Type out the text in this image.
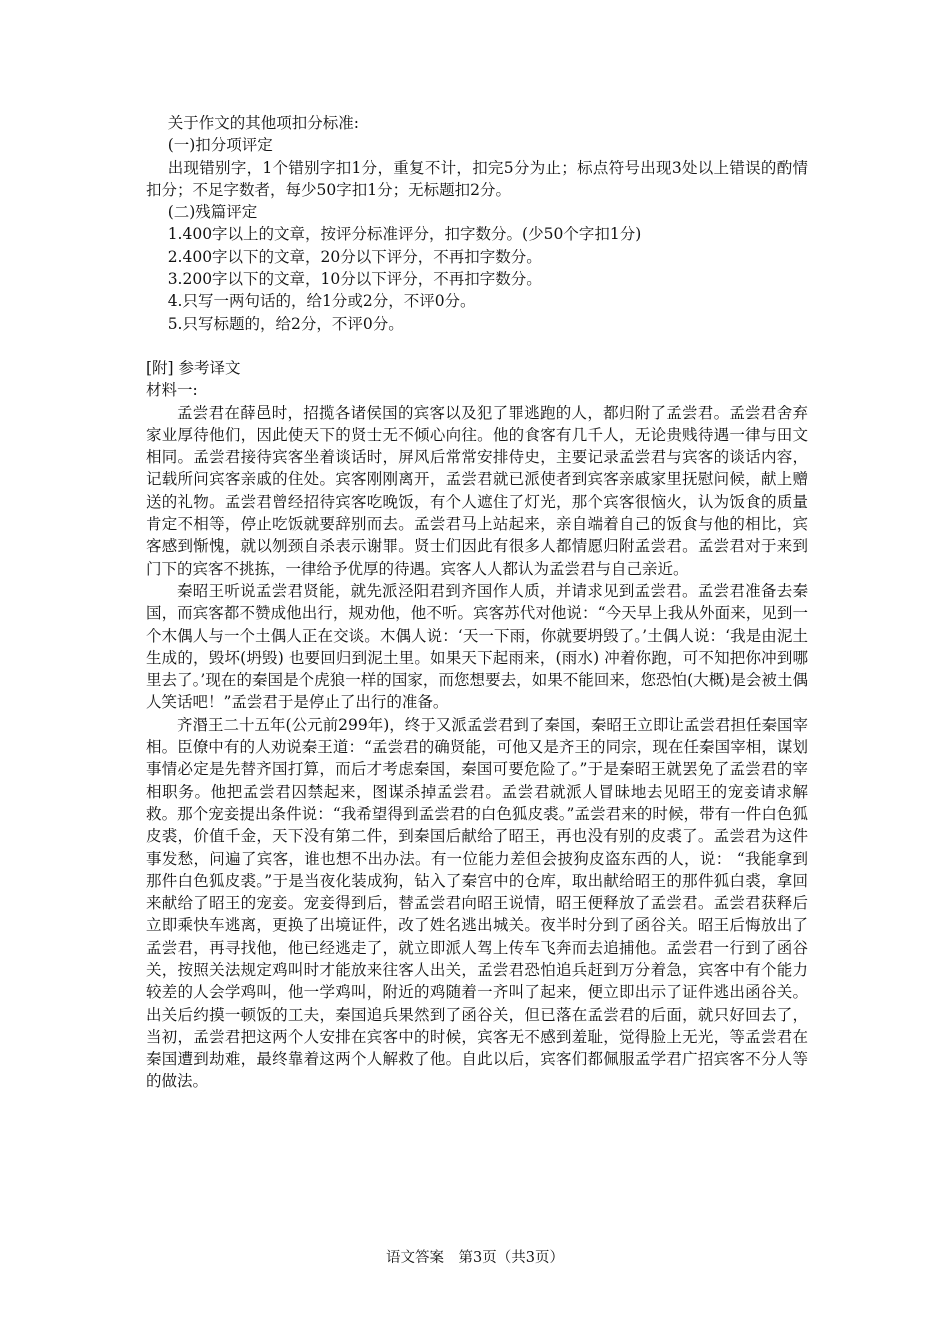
关于作文的其他项扣分标准:

(一)扣分项评定

出现错别字，1个错别字扣1分，重复不计，扣完5分为止；标点符号出现3处以上错误的酌情扣分；不足字数者，每少50字扣1分；无标题扣2分。

(二)残篇评定

1.400字以上的文章，按评分标准评分，扣字数分。(少50个字扣1分)

2.400字以下的文章，20分以下评分，不再扣字数分。

3.200字以下的文章，10分以下评分，不再扣字数分。

4.只写一两句话的，给1分或2分，不评0分。

5.只写标题的，给2分，不评0分。

[附] 参考译文

材料一:

孟尝君在薛邑时，招揽各诸侯国的宾客以及犯了罪逃跑的人，都归附了孟尝君。孟尝君舍弃家业厚待他们，因此使天下的贤士无不倾心向往。他的食客有几千人，无论贵贱待遇一律与田文相同。孟尝君接待宾客坐着谈话时，屏风后常常安排侍史，主要记录孟尝君与宾客的谈话内容，记载所问宾客亲戚的住处。宾客刚刚离开，孟尝君就已派使者到宾客亲戚家里抚慰问候，献上赠送的礼物。孟尝君曾经招待宾客吃晚饭，有个人遮住了灯光，那个宾客很恼火，认为饭食的质量肯定不相等，停止吃饭就要辞别而去。孟尝君马上站起来，亲自端着自己的饭食与他的相比，宾客感到惭愧，就以刎颈自杀表示谢罪。贤士们因此有很多人都情愿归附孟尝君。孟尝君对于来到门下的宾客不挑拣，一律给予优厚的待遇。宾客人人都认为孟尝君与自己亲近。

秦昭王听说孟尝君贤能，就先派泾阳君到齐国作人质，并请求见到孟尝君。孟尝君准备去秦国，而宾客都不赞成他出行，规劝他，他不听。宾客苏代对他说：“今天早上我从外面来，见到一个木偶人与一个土偶人正在交谈。木偶人说：‘天一下雨，你就要坍毁了。’土偶人说：‘我是由泥土生成的，毁坏(坍毁) 也要回归到泥土里。如果天下起雨来，(雨水) 冲着你跑，可不知把你冲到哪里去了。’现在的秦国是个虎狼一样的国家，而您想要去，如果不能回来，您恐怕(大概)是会被土偶人笑话吧！”孟尝君于是停止了出行的准备。

齐湣王二十五年(公元前299年)，终于又派孟尝君到了秦国，秦昭王立即让孟尝君担任秦国宰相。臣僚中有的人劝说秦王道：“孟尝君的确贤能，可他又是齐王的同宗，现在任秦国宰相，谋划事情必定是先替齐国打算，而后才考虑秦国，秦国可要危险了。”于是秦昭王就罢免了孟尝君的宰相职务。他把孟尝君囚禁起来，图谋杀掉孟尝君。孟尝君就派人冒昧地去见昭王的宠妾请求解救。那个宠妾提出条件说：“我希望得到孟尝君的白色狐皮裘。”孟尝君来的时候，带有一件白色狐皮裘，价值千金，天下没有第二件，到秦国后献给了昭王，再也没有别的皮裘了。孟尝君为这件事发愁，问遍了宾客，谁也想不出办法。有一位能力差但会披狗皮盗东西的人，说： “我能拿到那件白色狐皮裘。”于是当夜化装成狗，钻入了秦宫中的仓库，取出献给昭王的那件狐白裘，拿回来献给了昭王的宠妾。宠妾得到后，替孟尝君向昭王说情，昭王便释放了孟尝君。孟尝君获释后立即乘快车逃离，更换了出境证件，改了姓名逃出城关。夜半时分到了函谷关。昭王后悔放出了孟尝君，再寻找他，他已经逃走了，就立即派人驾上传车飞奔而去追捕他。孟尝君一行到了函谷关，按照关法规定鸡叫时才能放来往客人出关，孟尝君恐怕追兵赶到万分着急，宾客中有个能力较差的人会学鸡叫，他一学鸡叫，附近的鸡随着一齐叫了起来，便立即出示了证件逃出函谷关。出关后约摸一顿饭的工夫，秦国追兵果然到了函谷关，但已落在孟尝君的后面，就只好回去了，当初，孟尝君把这两个人安排在宾客中的时候，宾客无不感到羞耻，觉得脸上无光，等孟尝君在秦国遭到劫难，最终靠着这两个人解救了他。自此以后，宾客们都佩服孟学君广招宾客不分人等的做法。

语文答案　第3页（共3页）
